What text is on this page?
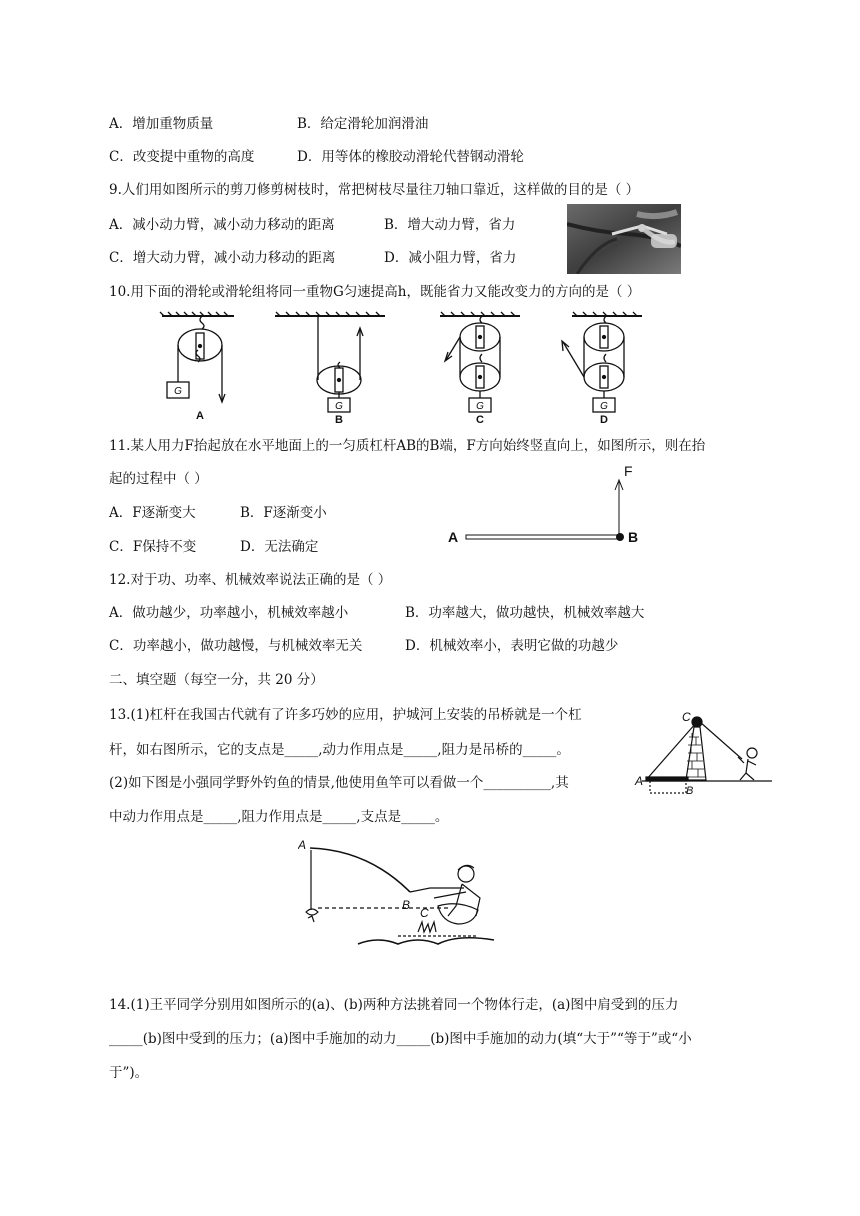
A．增加重物质量	B．给定滑轮加润滑油
C．改变提中重物的高度	D．用等体的橡胶动滑轮代替钢动滑轮
9.人们用如图所示的剪刀修剪树枝时，常把树枝尽量往刀轴口靠近，这样做的目的是（ ）
A．减小动力臂，减小动力移动的距离	B．增大动力臂，省力
C．增大动力臂，减小动力移动的距离	D．减小阻力臂，省力
10.用下面的滑轮或滑轮组将同一重物G匀速提高h，既能省力又能改变力的方向的是（ ）
G
A
G
B
G
C
G
D
11.某人用力F抬起放在水平地面上的一匀质杠杆AB的B端，F方向始终竖直向上，如图所示，则在抬
起的过程中（ ）
A．F逐渐变大	B．F逐渐变小
C．F保持不变	D．无法确定
F
A	B
12.对于功、功率、机械效率说法正确的是（ ）
A．做功越少，功率越小，机械效率越小	B．功率越大，做功越快，机械效率越大
C．功率越小，做功越慢，与机械效率无关	D．机械效率小，表明它做的功越少
二、填空题（每空一分，共 20 分）
13.(1)杠杆在我国古代就有了许多巧妙的应用，护城河上安装的吊桥就是一个杠
杆，如右图所示，它的支点是_____,动力作用点是_____,阻力是吊桥的_____。
(2)如下图是小强同学野外钓鱼的情景,他使用鱼竿可以看做一个__________,其
中动力作用点是_____,阻力作用点是_____,支点是_____。
C
A
B
A
B
C
14.(1)王平同学分别用如图所示的(a)、(b)两种方法挑着同一个物体行走，(a)图中肩受到的压力
_____(b)图中受到的压力；(a)图中手施加的动力_____(b)图中手施加的动力(填“大于”“等于”或“小
于”)。
